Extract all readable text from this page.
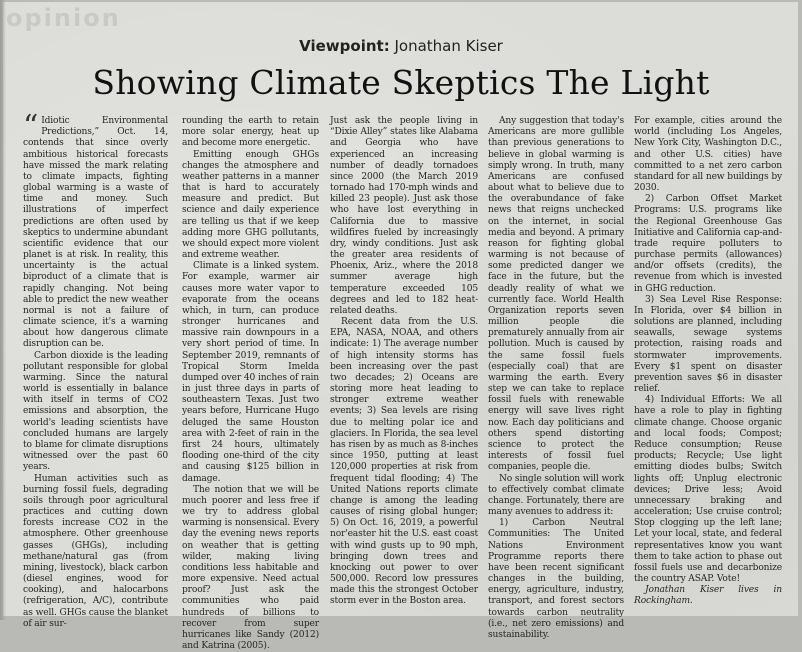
opinion
Viewpoint: Jonathan Kiser
Showing Climate Skeptics The Light
“ Idiotic Environmental Predictions,” Oct. 14, contends that since overly ambitious historical forecasts have missed the mark relating to climate impacts, fighting global warming is a waste of time and money. Such illustrations of imperfect predictions are often used by skeptics to undermine abundant scientific evidence that our planet is at risk. In reality, this uncertainty is the actual biproduct of a climate that is rapidly changing. Not being able to predict the new weather normal is not a failure of climate science, it's a warning about how dangerous climate disruption can be.

Carbon dioxide is the leading pollutant responsible for global warming. Since the natural world is essentially in balance with itself in terms of CO2 emissions and absorption, the world's leading scientists have concluded humans are largely to blame for climate disruptions witnessed over the past 60 years.

Human activities such as burning fossil fuels, degrading soils through poor agricultural practices and cutting down forests increase CO2 in the atmosphere. Other greenhouse gasses (GHGs), including methane/natural gas (from mining, livestock), black carbon (diesel engines, wood for cooking), and halocarbons (refrigeration, A/C), contribute as well. GHGs cause the blanket of air sur-

rounding the earth to retain more solar energy, heat up and become more energetic.

Emitting enough GHGs changes the atmosphere and weather patterns in a manner that is hard to accurately measure and predict. But science and daily experience are telling us that if we keep adding more GHG pollutants, we should expect more violent and extreme weather.

Climate is a linked system. For example, warmer air causes more water vapor to evaporate from the oceans which, in turn, can produce stronger hurricanes and massive rain downpours in a very short period of time. In September 2019, remnants of Tropical Storm Imelda dumped over 40 inches of rain in just three days in parts of southeastern Texas. Just two years before, Hurricane Hugo deluged the same Houston area with 2-feet of rain in the first 24 hours, ultimately flooding one-third of the city and causing $125 billion in damage.

The notion that we will be much poorer and less free if we try to address global warming is nonsensical. Every day the evening news reports on weather that is getting wilder, making living conditions less habitable and more expensive. Need actual proof? Just ask the communities who paid hundreds of billions to recover from super hurricanes like Sandy (2012) and Katrina (2005).

Just ask the people living in “Dixie Alley” states like Alabama and Georgia who have experienced an increasing number of deadly tornadoes since 2000 (the March 2019 tornado had 170-mph winds and killed 23 people). Just ask those who have lost everything in California due to massive wildfires fueled by increasingly dry, windy conditions. Just ask the greater area residents of Phoenix, Ariz., where the 2018 summer average high temperature exceeded 105 degrees and led to 182 heat-related deaths.

Recent data from the U.S. EPA, NASA, NOAA, and others indicate: 1) The average number of high intensity storms has been increasing over the past two decades; 2) Oceans are storing more heat leading to stronger extreme weather events; 3) Sea levels are rising due to melting polar ice and glaciers. In Florida, the sea level has risen by as much as 8-inches since 1950, putting at least 120,000 properties at risk from frequent tidal flooding; 4) The United Nations reports climate change is among the leading causes of rising global hunger; 5) On Oct. 16, 2019, a powerful nor'easter hit the U.S. east coast with wind gusts up to 90 mph, bringing down trees and knocking out power to over 500,000. Record low pressures made this the strongest October storm ever in the Boston area.

Any suggestion that today's Americans are more gullible than previous generations to believe in global warming is simply wrong. In truth, many Americans are confused about what to believe due to the overabundance of fake news that reigns unchecked on the internet, in social media and beyond. A primary reason for fighting global warming is not because of some predicted danger we face in the future, but the deadly reality of what we currently face. World Health Organization reports seven million people die prematurely annually from air pollution. Much is caused by the same fossil fuels (especially coal) that are warming the earth. Every step we can take to replace fossil fuels with renewable energy will save lives right now. Each day politicians and others spend distorting science to protect the interests of fossil fuel companies, people die.

No single solution will work to effectively combat climate change. Fortunately, there are many avenues to address it:

1) Carbon Neutral Communities: The United Nations Environment Programme reports there have been recent significant changes in the building, energy, agriculture, industry, transport, and forest sectors towards carbon neutrality (i.e., net zero emissions) and sustainability.

For example, cities around the world (including Los Angeles, New York City, Washington D.C., and other U.S. cities) have committed to a net zero carbon standard for all new buildings by 2030.

2) Carbon Offset Market Programs: U.S. programs like the Regional Greenhouse Gas Initiative and California cap-and-trade require polluters to purchase permits (allowances) and/or offsets (credits), the revenue from which is invested in GHG reduction.

3) Sea Level Rise Response: In Florida, over $4 billion in solutions are planned, including seawalls, sewage systems protection, raising roads and stormwater improvements. Every $1 spent on disaster prevention saves $6 in disaster relief.

4) Individual Efforts: We all have a role to play in fighting climate change. Choose organic and local foods; Compost; Reduce consumption; Reuse products; Recycle; Use light emitting diodes bulbs; Switch lights off; Unplug electronic devices; Drive less; Avoid unnecessary braking and acceleration; Use cruise control; Stop clogging up the left lane; Let your local, state, and federal representatives know you want them to take action to phase out fossil fuels use and decarbonize the country ASAP. Vote!

Jonathan Kiser lives in Rockingham.
